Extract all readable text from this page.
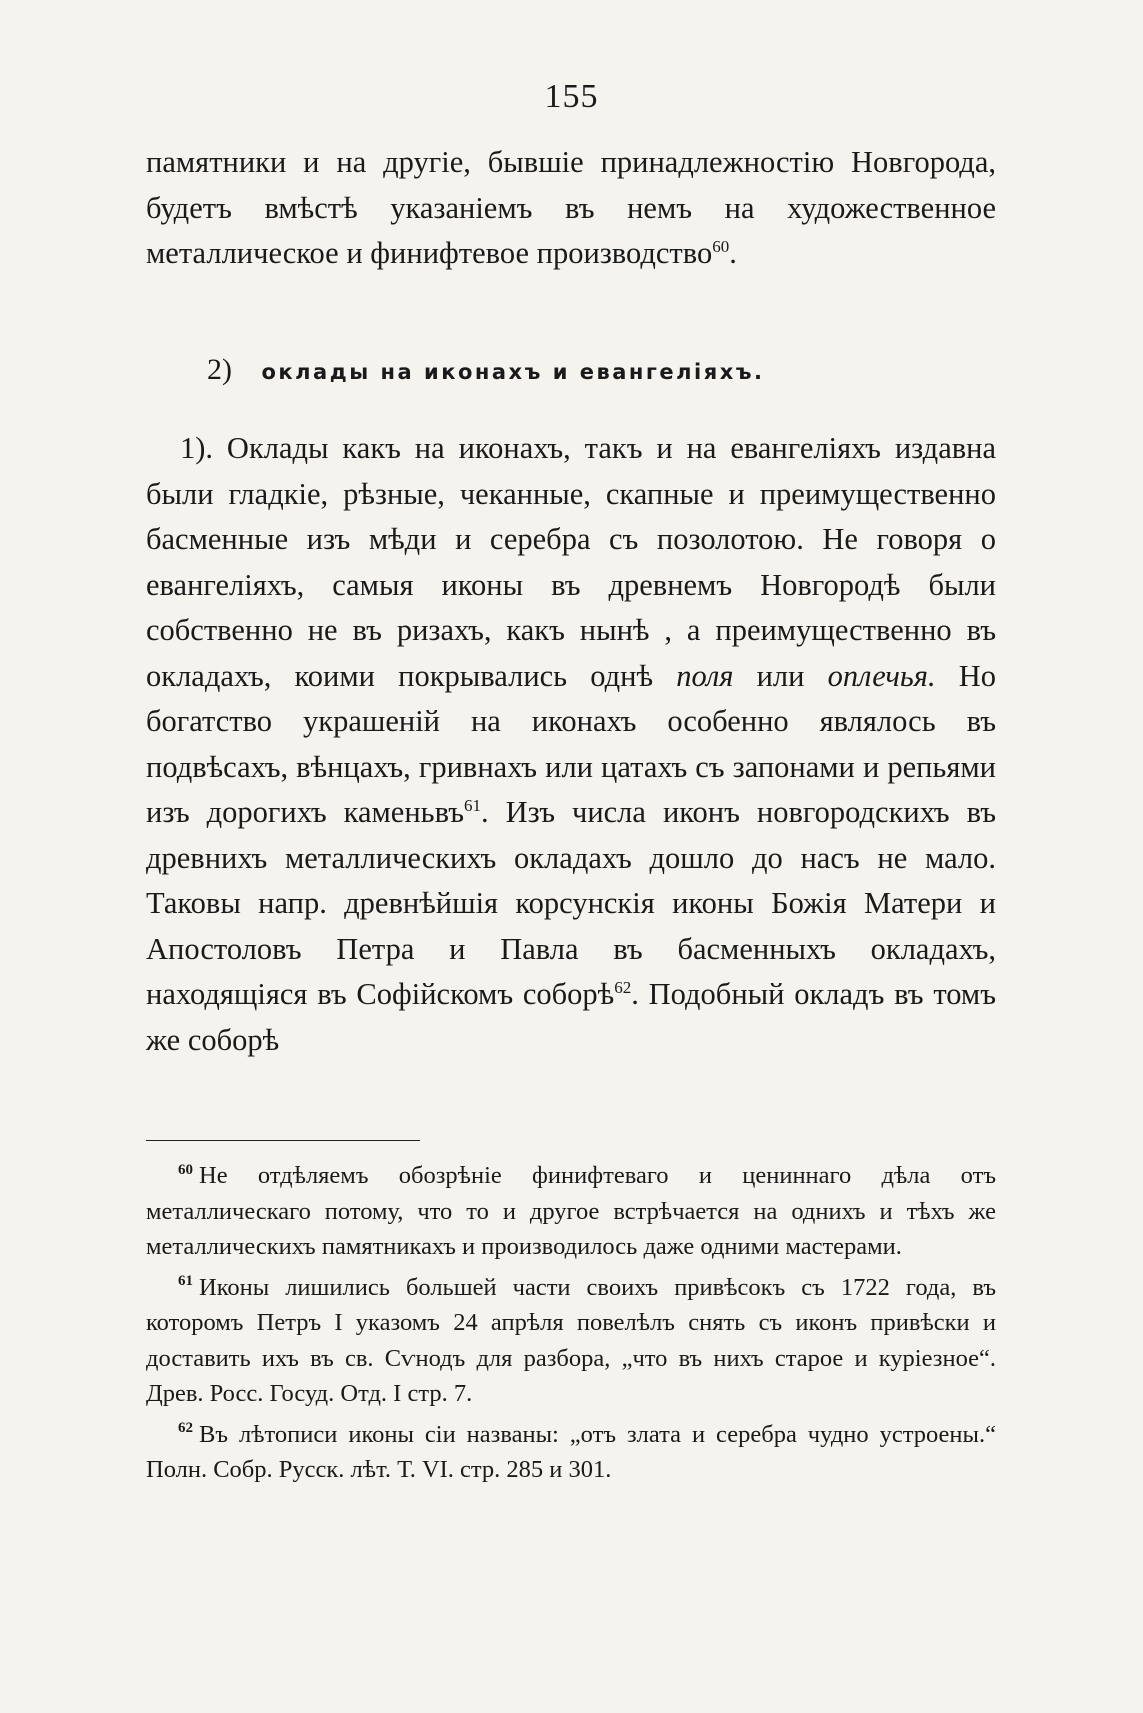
155

памятники и на другіе, бывшіе принадлежностію Новгорода, будетъ вмѣстѣ указаніемъ въ немъ на художественное металлическое и финифтевое производство$^{60}$.

2) оклады на иконахъ и евангеліяхъ.

1). Оклады какъ на иконахъ, такъ и на евангеліяхъ издавна были гладкіе, рѣзные, чеканные, скапные и преимущественно басменные изъ мѣди и серебра съ позолотою. Не говоря о евангеліяхъ, самыя иконы въ древнемъ Новгородѣ были собственно не въ ризахъ, какъ нынѣ , а преимущественно въ окладахъ, коими покрывались однѣ поля или оплечья. Но богатство украшеній на иконахъ особенно являлось въ подвѣсахъ, вѣнцахъ, гривнахъ или цатахъ съ запонами и репьями изъ дорогихъ каменьвъ$^{61}$. Изъ числа иконъ новгородскихъ въ древнихъ металлическихъ окладахъ дошло до насъ не мало. Таковы напр. древнѣйшія корсунскія иконы Божія Матери и Апостоловъ Петра и Павла въ басменныхъ окладахъ, находящіяся въ Софійскомъ соборѣ$^{62}$. Подобный окладъ въ томъ же соборѣ

$^{60}$ Не отдѣляемъ обозрѣніе финифтеваго и цениннаго дѣла отъ металлическаго потому, что то и другое встрѣчается на однихъ и тѣхъ же металлическихъ памятникахъ и производилось даже одними мастерами.

$^{61}$ Иконы лишились большей части своихъ привѣсокъ съ 1722 года, въ которомъ Петръ I указомъ 24 апрѣля повелѣлъ снять съ иконъ привѣски и доставить ихъ въ св. Сѵнодъ для разбора, „что въ нихъ старое и куріезное“. Древ. Росс. Госуд. Отд. I стр. 7.

$^{62}$ Въ лѣтописи иконы сіи названы: „отъ злата и серебра чудно устроены.“ Полн. Собр. Русск. лѣт. Т. VI. стр. 285 и 301.
